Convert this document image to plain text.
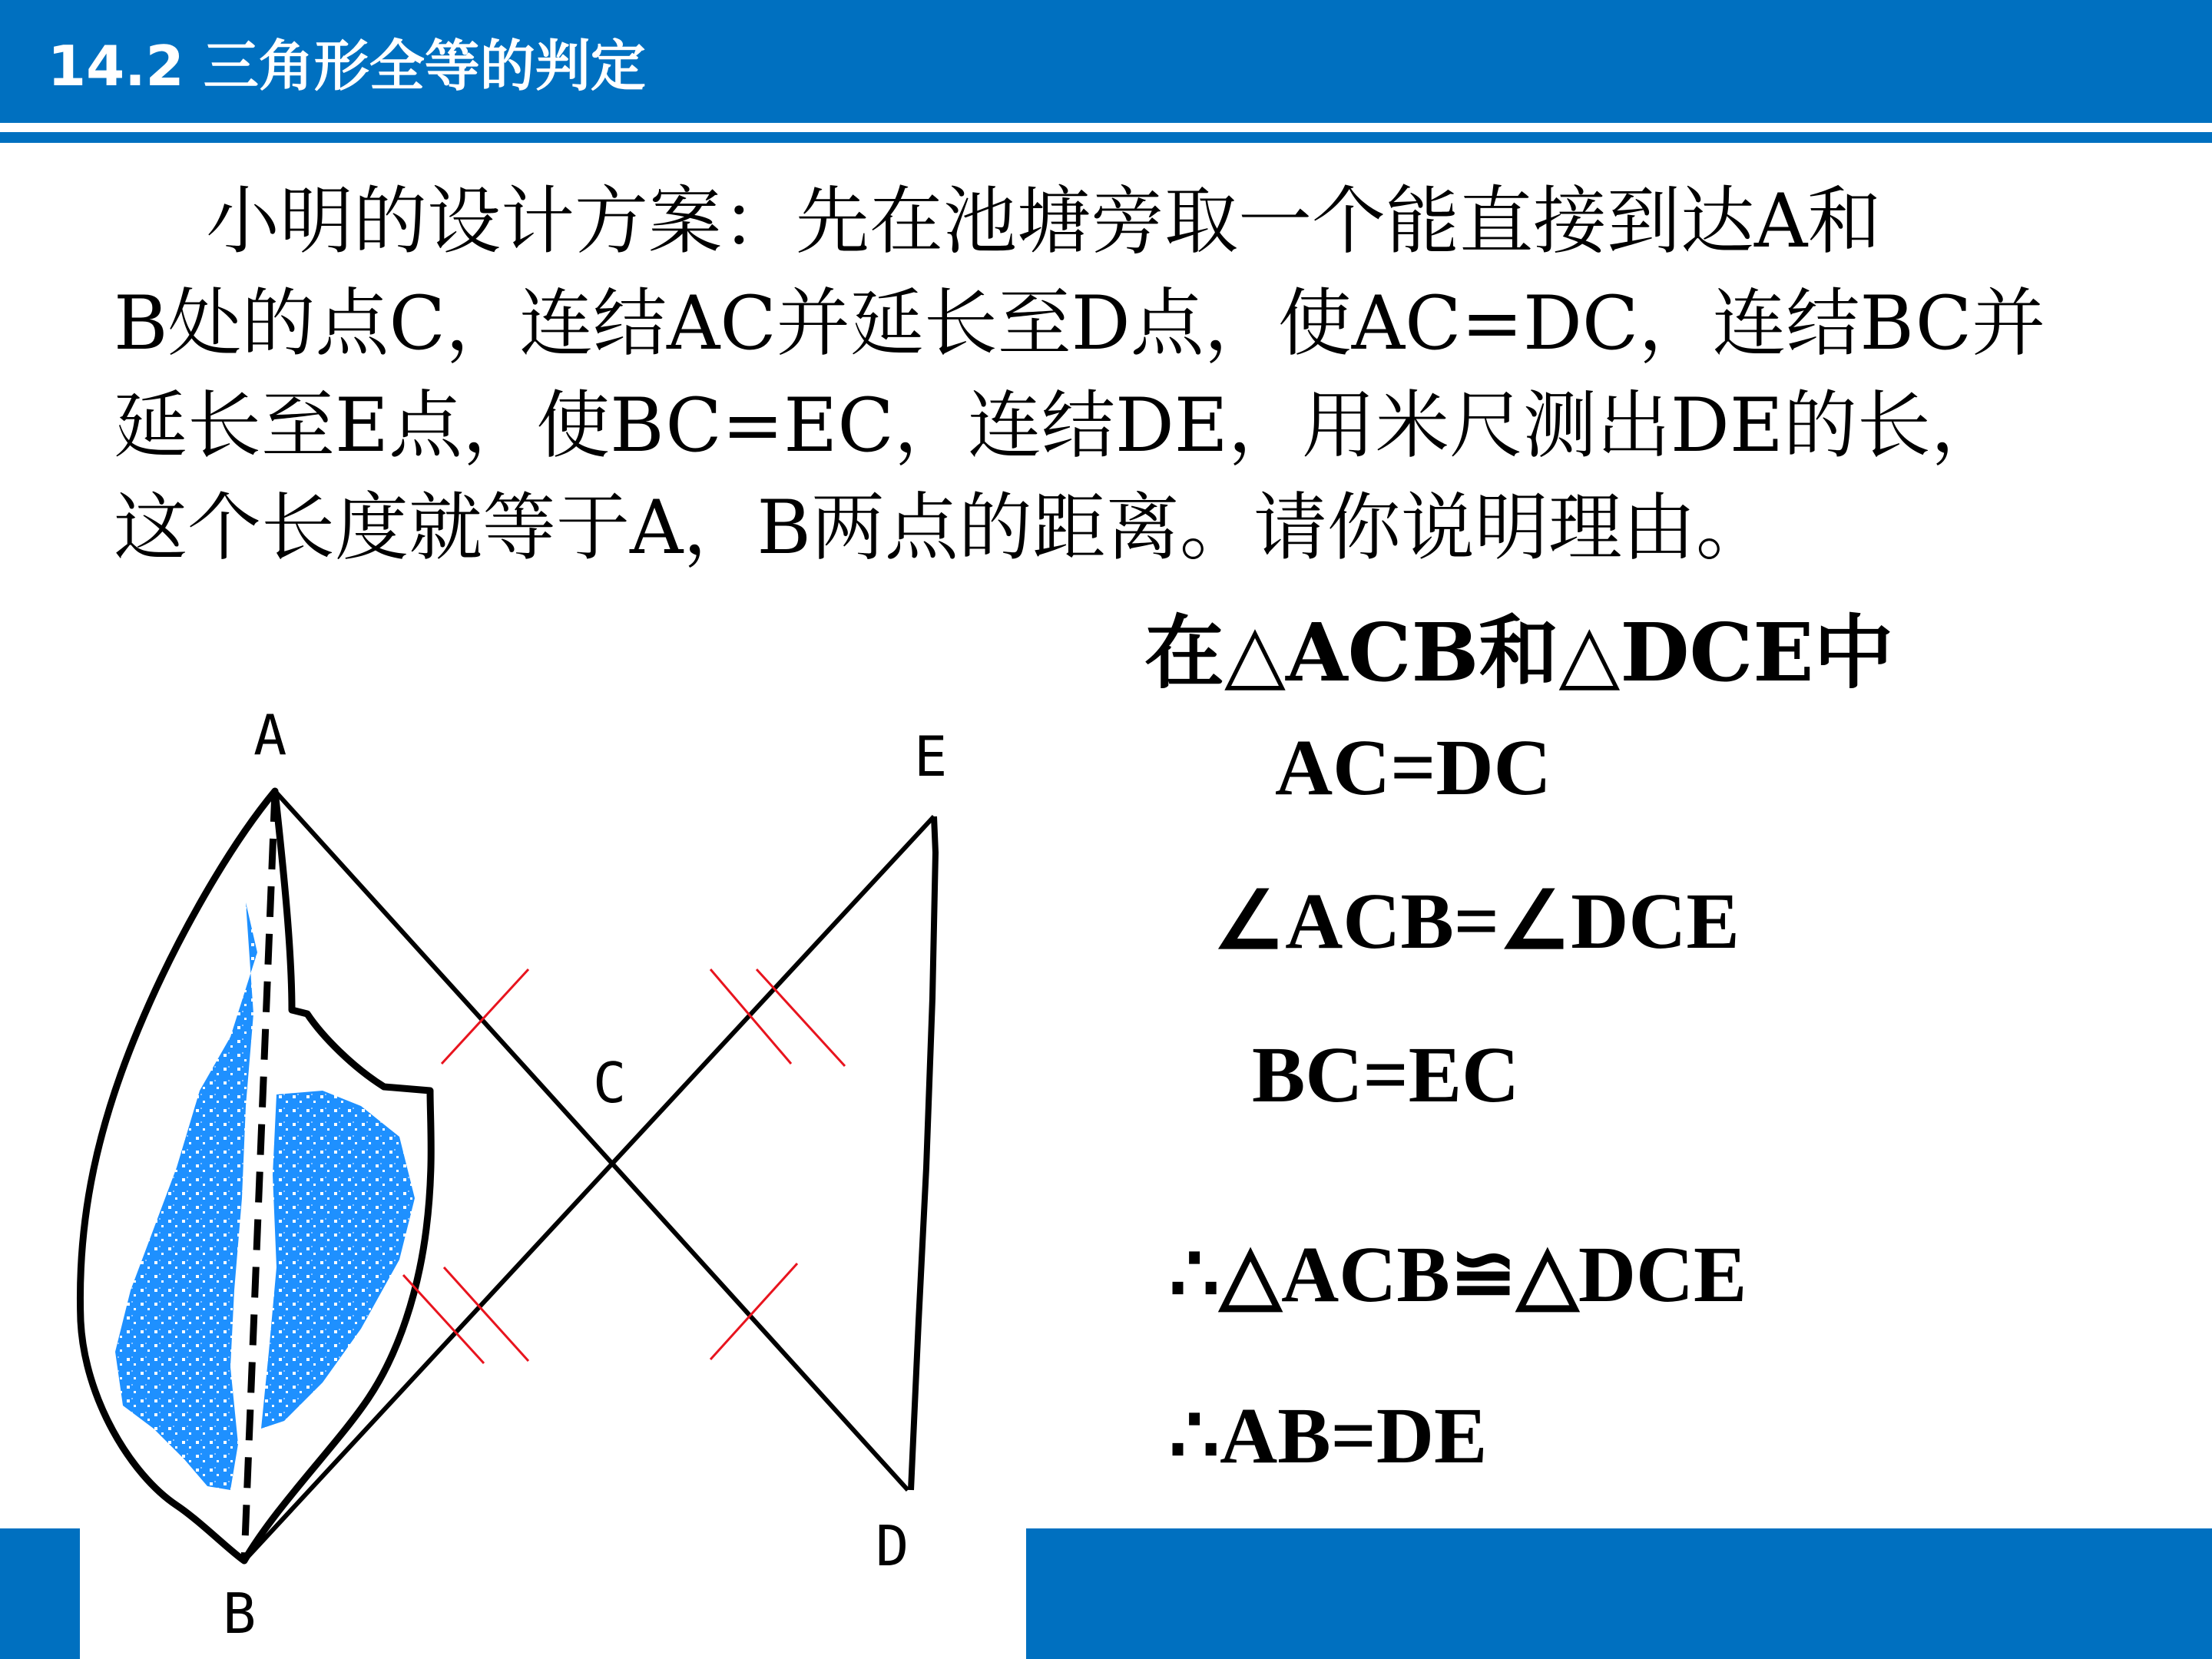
14.2 三角形全等的判定

小明的设计方案：先在池塘旁取一个能直接到达A和

B处的点C，连结AC并延长至D点，使AC=DC，连结BC并

延长至E点，使BC=EC，连结DE，用米尺测出DE的长，

这个长度就等于A，B两点的距离。请你说明理由。

A
B
C
D
E
在△ACB和△DCE中
AC=DC
∠ACB=∠DCE
BC=EC
∴△ACB≌△DCE
∴AB=DE
